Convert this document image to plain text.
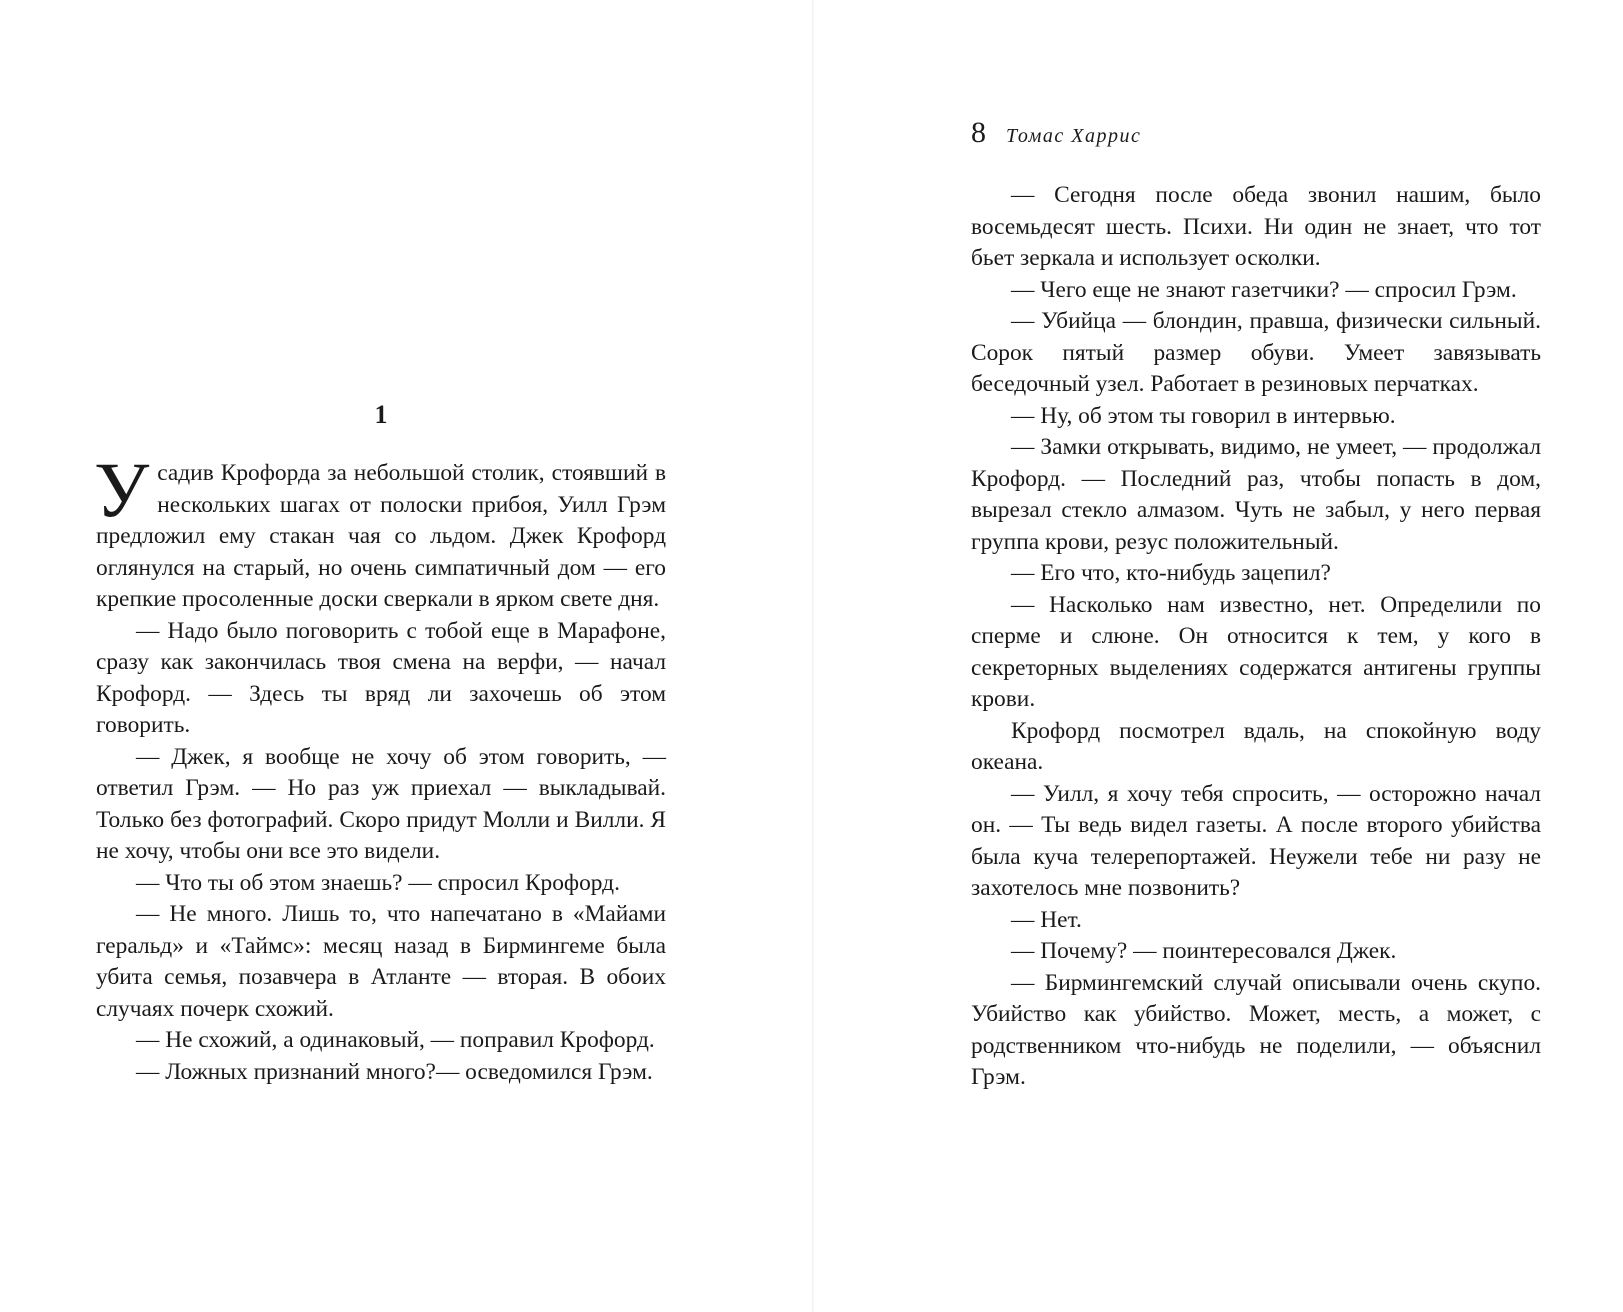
1

Усадив Крофорда за небольшой столик, стоявший в нескольких шагах от полоски прибоя, Уилл Грэм предложил ему стакан чая со льдом. Джек Крофорд оглянулся на старый, но очень симпатичный дом — его крепкие просоленные доски сверкали в ярком свете дня.

— Надо было поговорить с тобой еще в Марафоне, сразу как закончилась твоя смена на верфи, — начал Крофорд. — Здесь ты вряд ли захочешь об этом говорить.

— Джек, я вообще не хочу об этом говорить, — ответил Грэм. — Но раз уж приехал — выкладывай. Только без фотографий. Скоро придут Молли и Вилли. Я не хочу, чтобы они все это видели.

— Что ты об этом знаешь? — спросил Крофорд.

— Не много. Лишь то, что напечатано в «Майами геральд» и «Таймс»: месяц назад в Бирмингеме была убита семья, позавчера в Атланте — вторая. В обоих случаях почерк схожий.

— Не схожий, а одинаковый, — поправил Крофорд.

— Ложных признаний много?— осведомился Грэм.

8 Томас Харрис

— Сегодня после обеда звонил нашим, было восемьдесят шесть. Психи. Ни один не знает, что тот бьет зеркала и использует осколки.

— Чего еще не знают газетчики? — спросил Грэм.

— Убийца — блондин, правша, физически сильный. Сорок пятый размер обуви. Умеет завязывать беседочный узел. Работает в резиновых перчатках.

— Ну, об этом ты говорил в интервью.

— Замки открывать, видимо, не умеет, — продолжал Крофорд. — Последний раз, чтобы попасть в дом, вырезал стекло алмазом. Чуть не забыл, у него первая группа крови, резус положительный.

— Его что, кто-нибудь зацепил?

— Насколько нам известно, нет. Определили по сперме и слюне. Он относится к тем, у кого в секреторных выделениях содержатся антигены группы крови.

Крофорд посмотрел вдаль, на спокойную воду океана.

— Уилл, я хочу тебя спросить, — осторожно начал он. — Ты ведь видел газеты. А после второго убийства была куча телерепортажей. Неужели тебе ни разу не захотелось мне позвонить?

— Нет.

— Почему? — поинтересовался Джек.

— Бирмингемский случай описывали очень скупо. Убийство как убийство. Может, месть, а может, с родственником что-нибудь не поделили, — объяснил Грэм.
